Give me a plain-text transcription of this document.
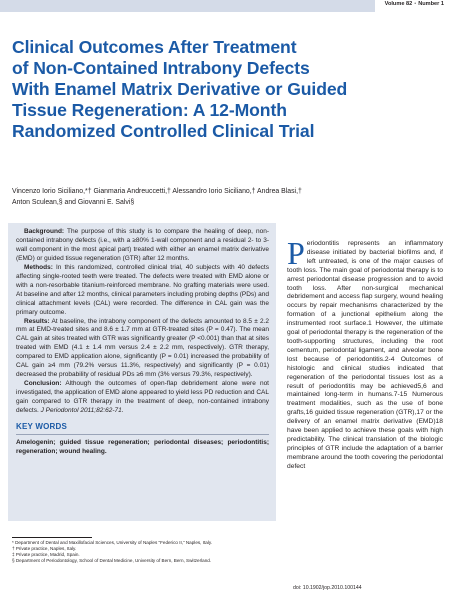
Volume 82 • Number 1
Clinical Outcomes After Treatment
of Non-Contained Intrabony Defects
With Enamel Matrix Derivative or Guided
Tissue Regeneration: A 12-Month
Randomized Controlled Clinical Trial
Vincenzo Iorio Siciliano,*† Gianmaria Andreuccetti,† Alessandro Iorio Siciliano,† Andrea Blasi,†
Anton Sculean,§ and Giovanni E. Salvi§

Background: The purpose of this study is to compare the healing of deep, non-contained intrabony defects (i.e., with a ≥80% 1-wall component and a residual 2- to 3-wall component in the most apical part) treated with either an enamel matrix derivative (EMD) or guided tissue regeneration (GTR) after 12 months.

Methods: In this randomized, controlled clinical trial, 40 subjects with 40 defects affecting single-rooted teeth were treated. The defects were treated with EMD alone or with a non-resorbable titanium-reinforced membrane. No grafting materials were used. At baseline and after 12 months, clinical parameters including probing depths (PDs) and clinical attachment levels (CAL) were recorded. The difference in CAL gain was the primary outcome.

Results: At baseline, the intrabony component of the defects amounted to 8.5 ± 2.2 mm at EMD-treated sites and 8.6 ± 1.7 mm at GTR-treated sites (P = 0.47). The mean CAL gain at sites treated with GTR was significantly greater (P <0.001) than that at sites treated with EMD (4.1 ± 1.4 mm versus 2.4 ± 2.2 mm, respectively). GTR therapy, compared to EMD application alone, significantly (P = 0.01) increased the probability of CAL gain ≥4 mm (79.2% versus 11.3%, respectively) and significantly (P = 0.01) decreased the probability of residual PDs ≥6 mm (3% versus 79.3%, respectively).

Conclusion: Although the outcomes of open-flap debridement alone were not investigated, the application of EMD alone appeared to yield less PD reduction and CAL gain compared to GTR therapy in the treatment of deep, non-contained intrabony defects. J Periodontol 2011;82:62-71.

KEY WORDS
Amelogenin; guided tissue regeneration; periodontal diseases; periodontitis; regeneration; wound healing.
* Department of Dental and Maxillofacial Sciences, University of Naples “Federico II,” Naples, Italy.
† Private practice, Naples, Italy.
‡ Private practice, Madrid, Spain.
§ Department of Periodontology, School of Dental Medicine, University of Bern, Bern, Switzerland.
Periodontitis represents an inflammatory disease initiated by bacterial biofilms and, if left untreated, is one of the major causes of tooth loss. The main goal of periodontal therapy is to arrest periodontal disease progression and to avoid tooth loss. After non-surgical mechanical debridement and access flap surgery, wound healing occurs by repair mechanisms characterized by the formation of a junctional epithelium along the instrumented root surface.1 However, the ultimate goal of periodontal therapy is the regeneration of the tooth-supporting structures, including the root cementum, periodontal ligament, and alveolar bone lost because of periodontitis.2-4 Outcomes of histologic and clinical studies indicated that regeneration of the periodontal tissues lost as a result of periodontitis may be achieved5,6 and maintained long-term in humans.7-15 Numerous treatment modalities, such as the use of bone grafts,16 guided tissue regeneration (GTR),17 or the delivery of an enamel matrix derivative (EMD)18 have been applied to achieve these goals with high predictability. The clinical translation of the biologic principles of GTR include the adaptation of a barrier membrane around the tooth covering the periodontal defect
doi: 10.1902/jop.2010.100144
